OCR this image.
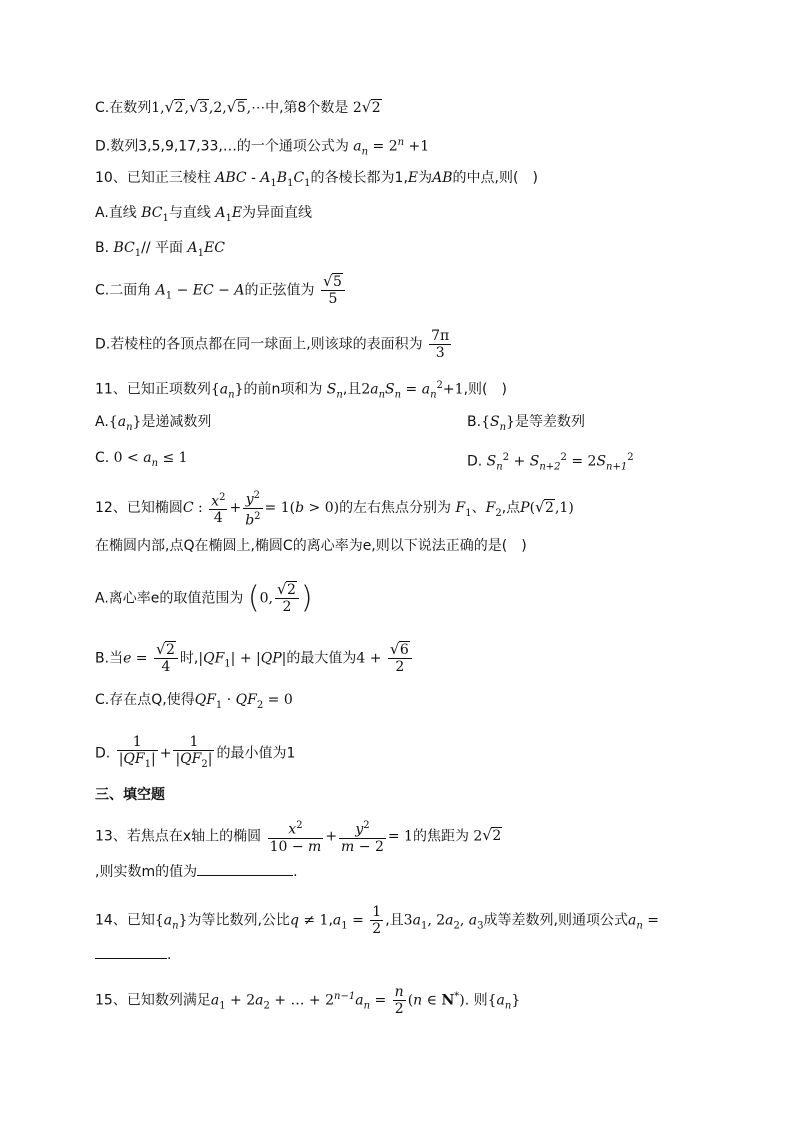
C.在数列1, √ 2, √ 3,2, √ 5,⋯中,第8个数是 2 √ 2
D.数列3,5,9,17,33,…的一个通项公式为 $a_n = 2^n +1$
10、已知正三棱柱 ABC - $A_1B_1C_1$的各棱长都为1,E为AB的中点,则(　)
A.直线 $BC_1$与直线 $A_1E$为异面直线
B. $BC_1//$ 平面 $A_1EC$
C.二面角 $A_1$ − EC − A的正弦值为 √ $\frac{5}{5}$
D.若棱柱的各顶点都在同一球面上,则该球的表面积为 $\frac{7\pi}{3}$
11、已知正项数列$\{a_n\}$的前n项和为 $S_n$,且$2a_nS_n = a_n^2+1$,则(　)
$A.\{a_n\}$是递减数列	$B.\{S_n\}$是等差数列
C. $0 < a_n \le 1$	D. $S_n^2 + S_{n+2}^2 = 2S_{n+1}^2$
12、已知椭圆C : $\frac{x^2}{4} + \frac{y^2}{b^2} = 1(b > 0)$的左右焦点分别为 $F_1$、$F_2$,点P( √ 2,1)
在椭圆内部,点Q在椭圆上,椭圆C的离心率为e,则以下说法正确的是(　)
A.离心率e的取值范围为 (0, √ $\frac{2}{2}$ )
B.当e = √ $\frac{2}{4}$ 时$,|QF_1| + |QP|$的最大值为4 + √ $\frac{6}{2}$
C.存在点Q,使得$QF_1 \cdot QF_2 = 0$
D. $\frac{1}{|QF_1|} + \frac{1}{|QF_2|}$ 的最小值为1
三、填空题
13、若焦点在x轴上的椭圆 $\frac{x^2}{10 - m} + \frac{y^2}{m - 2} = 1$的焦距为 2 √ 2
,则实数m的值为	.
14、已知$\{a_n\}$为等比数列,公比$q \ne 1,a_1 = \frac{1}{2}$ ,且$3a_1$, $2a_2$, $a_3$成等差数列,则通项公式$a_n$ =
.
15、已知数列满足$a_1 + 2a_2$ + … + $2^{n-1}a_n = \frac{n}{2} (n$ ∈ N*). 则$\{a_n\}$
